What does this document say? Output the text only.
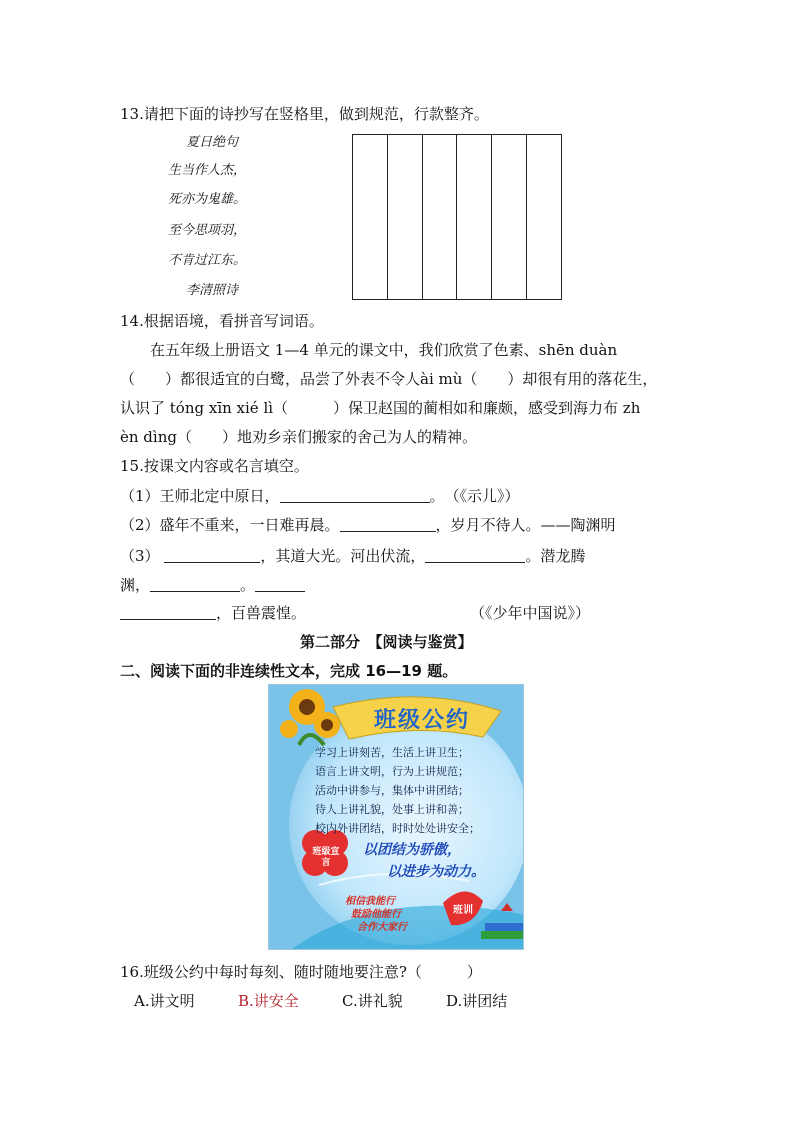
13.请把下面的诗抄写在竖格里，做到规范，行款整齐。
夏日绝句
生当作人杰，
死亦为鬼雄。
至今思项羽，
不肯过江东。
李清照诗
14.根据语境，看拼音写词语。
　　在五年级上册语文 1—4 单元的课文中，我们欣赏了色素、shēn duàn
（　　）都很适宜的白鹭，品尝了外表不令人ài mù（　　）却很有用的落花生，
认识了 tóng xīn xié lì（　　　）保卫赵国的蔺相如和廉颇，感受到海力布 zh
èn dìng（　　）地劝乡亲们搬家的舍己为人的精神。
15.按课文内容或名言填空。
（1）王师北定中原日，	。　（《示儿》）
（2）盛年不重来，一日难再晨。	，岁月不待人。——陶渊明
（3）	，其道大光。河出伏流，	。潜龙腾
渊，	。
，百兽震惶。	（《少年中国说》）
第二部分　【阅读与鉴赏】
二、阅读下面的非连续性文本，完成 16—19 题。
班级公约
学习上讲刻苦，生活上讲卫生；
语言上讲文明，行为上讲规范；
活动中讲参与，集体中讲团结；
待人上讲礼貌，处事上讲和善；
校内外讲团结，时时处处讲安全；
班级宣言
以团结为骄傲，
以进步为动力。
班训
相信我能行
鼓励他能行
合作大家行
16.班级公约中每时每刻、随时随地要注意?（　　　）
A.讲文明	B.讲安全	C.讲礼貌	D.讲团结
